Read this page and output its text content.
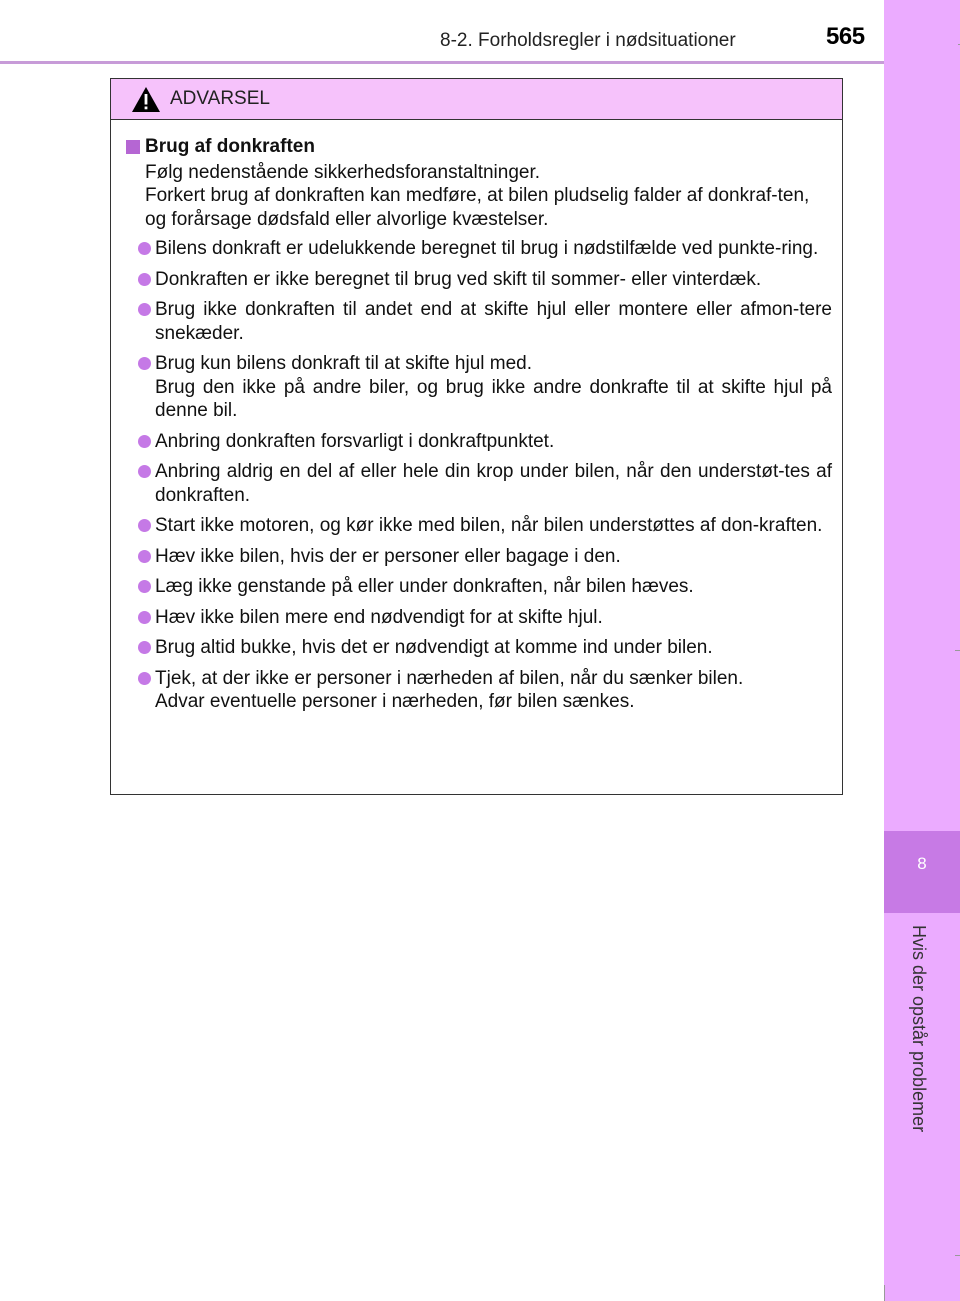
8-2. Forholdsregler i nødsituationer	565
8
Hvis der opstår problemer
ADVARSEL
Brug af donkraften

Følg nedenstående sikkerhedsforanstaltninger.

Forkert brug af donkraften kan medføre, at bilen pludselig falder af donkraf-ten, og forårsage dødsfald eller alvorlige kvæstelser.

Bilens donkraft er udelukkende beregnet til brug i nødstilfælde ved punkte-ring.

Donkraften er ikke beregnet til brug ved skift til sommer- eller vinterdæk.

Brug ikke donkraften til andet end at skifte hjul eller montere eller afmon-tere snekæder.

Brug kun bilens donkraft til at skifte hjul med.

Brug den ikke på andre biler, og brug ikke andre donkrafte til at skifte hjul på denne bil.

Anbring donkraften forsvarligt i donkraftpunktet.

Anbring aldrig en del af eller hele din krop under bilen, når den understøt-tes af donkraften.

Start ikke motoren, og kør ikke med bilen, når bilen understøttes af don-kraften.

Hæv ikke bilen, hvis der er personer eller bagage i den.

Læg ikke genstande på eller under donkraften, når bilen hæves.

Hæv ikke bilen mere end nødvendigt for at skifte hjul.

Brug altid bukke, hvis det er nødvendigt at komme ind under bilen.

Tjek, at der ikke er personer i nærheden af bilen, når du sænker bilen.

Advar eventuelle personer i nærheden, før bilen sænkes.
